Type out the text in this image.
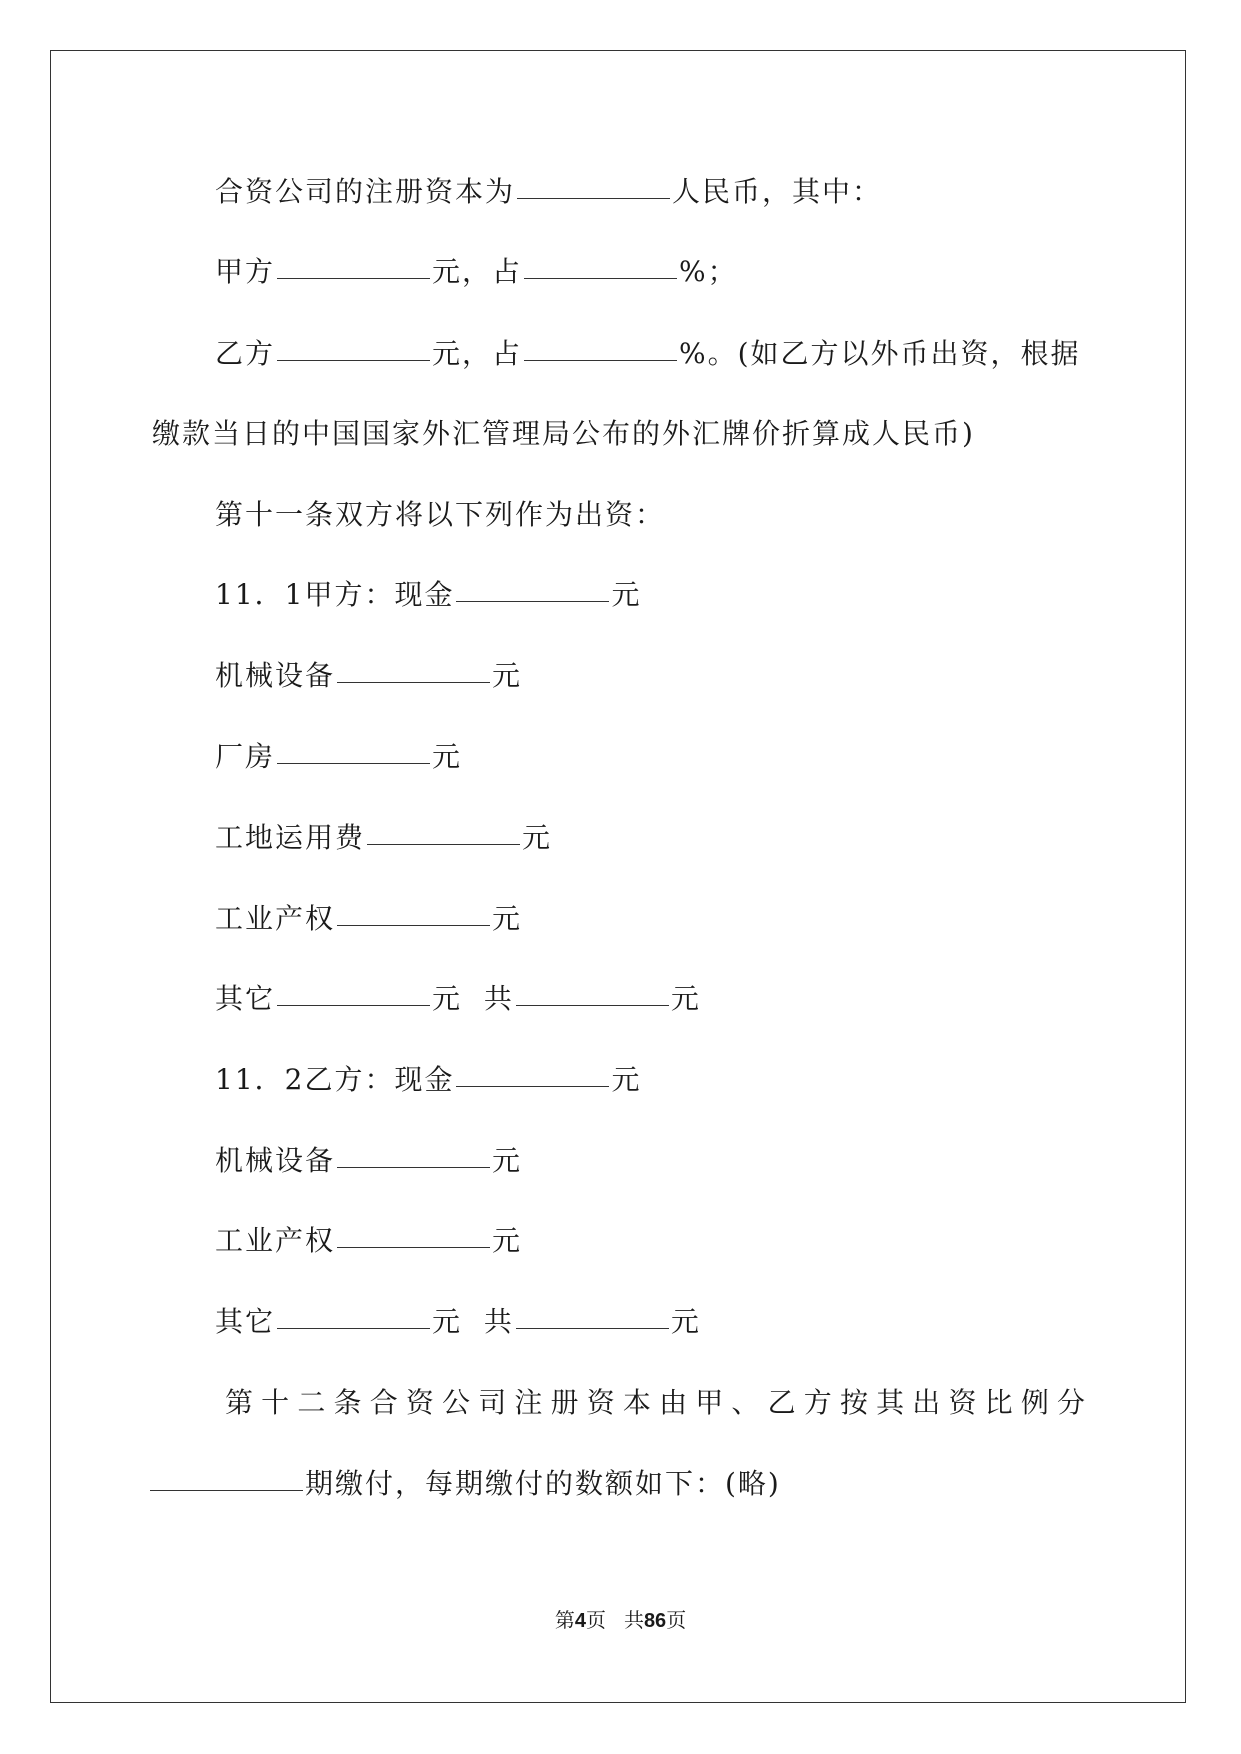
合资公司的注册资本为	人民币，其中：
甲方	元，占	%；
乙方	元，占	%。(如乙方以外币出资，根据
缴款当日的中国国家外汇管理局公布的外汇牌价折算成人民币)
第十一条双方将以下列作为出资：
11．1甲方：现金	元
机械设备	元
厂房	元
工地运用费	元
工业产权	元
其它	元  共	元
11．2乙方：现金	元
机械设备	元
工业产权	元
其它	元  共	元
第十二条合资公司注册资本由甲、乙方按其出资比例分
期缴付，每期缴付的数额如下：(略)
第4页 共86页
